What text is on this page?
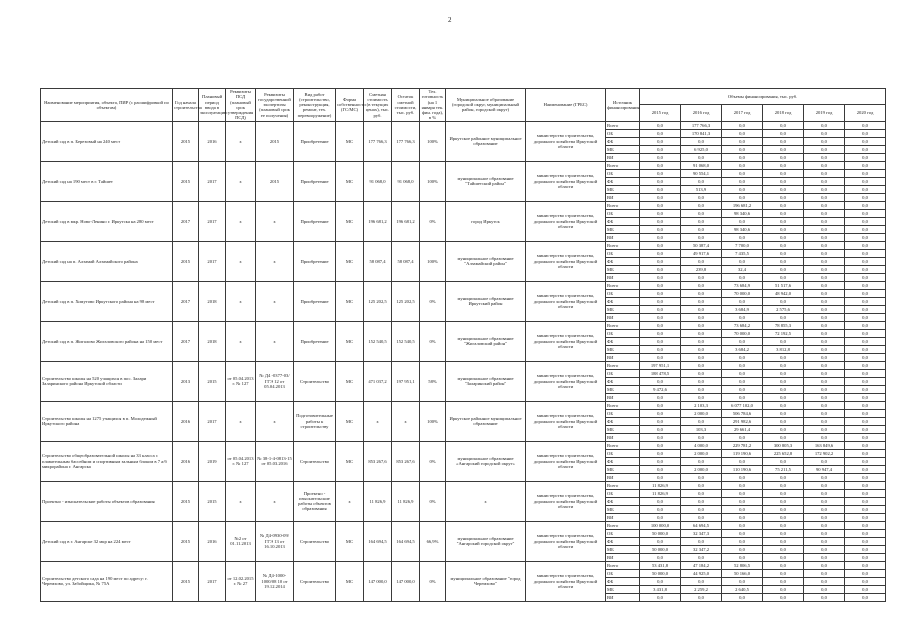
2
Наименование мероприятия, объекта, ПИР (с расшифровкой по объектам)	Год начала строительства	Плановый период ввода в эксплуатацию	Реквизиты ПСД (плановый срок утверждения ПСД)	Реквизиты государственной экспертизы (плановый срок ее получения)	Вид работ (строительство, реконструкция, ремонт, тех. перевооружение)	Форма собственности (ГС/МС)	Сметная стоимость (в текущих ценах), тыс. руб.	Остаток сметной стоимости, тыс. руб.	Тех. готовность (на 1 января тек. фин. года), в %	Муниципальное образование (городской округ, муниципальный район, городской округ)	Наименование (ГРБС)	Источник финансирования	Объемы финансирования, тыс. руб.					
													2015 год	2016 год	2017 год	2018 год	2019 год	2020 год
Детский сад в п. Березовый на 240 мест	2015	2016	х	2015	Приобретение	МС	177 766,3	177 766,3	100%	Иркутское районное муниципальное образование	министерство строительства, дорожного хозяйства Иркутской области	Всего	0,0	177 766,3	0,0	0,0	0,0	0,0
												ОБ	0,0	170 841,3	0,0	0,0	0,0	0,0
												ФБ	0,0	0,0	0,0	0,0	0,0	0,0
												МБ	0,0	6 925,0	0,0	0,0	0,0	0,0
												ВИ	0,0	0,0	0,0	0,0	0,0	0,0
Детский сад на 190 мест в г. Тайшет	2015	2017	х	2015	Приобретение	МС	91 068,0	91 068,0	100%	муниципальное образование "Тайшетский район"	министерство строительства, дорожного хозяйства Иркутской области	Всего	0,0	91 068,0	0,0	0,0	0,0	0,0
												ОБ	0,0	90 554,1	0,0	0,0	0,0	0,0
												ФБ	0,0	0,0	0,0	0,0	0,0	0,0
												МБ	0,0	513,9	0,0	0,0	0,0	0,0
												ВИ	0,0	0,0	0,0	0,0	0,0	0,0
Детский сад в мкр. Ново-Ленино г. Иркутска на 280 мест	2017	2017	х	х	Приобретение	МС	196 681,2	196 681,2	0%	город Иркутск	министерство строительства, дорожного хозяйства Иркутской области	Всего	0,0	0,0	196 681,2	0,0	0,0	0,0
												ОБ	0,0	0,0	98 340,6	0,0	0,0	0,0
												ФБ	0,0	0,0	0,0	0,0	0,0	0,0
												МБ	0,0	0,0	98 340,6	0,0	0,0	0,0
												ВИ	0,0	0,0	0,0	0,0	0,0	0,0
Детский сад на п. Алзамай Алзамайского района	2015	2017	х	х	Приобретение	МС	58 087,4	58 087,4	100%	муниципальное образование "Алзамайский район"	министерство строительства, дорожного хозяйства Иркутской области	Всего	0,0	50 387,4	7 700,0	0,0	0,0	0,0
												ОБ	0,0	49 917,6	7 435,5	0,0	0,0	0,0
												ФБ	0,0	0,0	0,0	0,0	0,0	0,0
												МБ	0,0	239,8	32,4	0,0	0,0	0,0
												ВИ	0,0	0,0	0,0	0,0	0,0	0,0
Детский сад в п. Хомутово Иркутского района на 98 мест	2017	2018	х	х	Приобретение	МС	125 202,5	125 202,5	0%	муниципальное образование Иркутский район	министерство строительства, дорожного хозяйства Иркутской области	Всего	0,0	0,0	73 684,9	51 517,6	0,0	0,0
												ОБ	0,0	0,0	70 000,0	48 942,0	0,0	0,0
												ФБ	0,0	0,0	0,0	0,0	0,0	0,0
												МБ	0,0	0,0	3 684,9	2 575,6	0,0	0,0
												ВИ	0,0	0,0	0,0	0,0	0,0	0,0
Детский сад в п. Жигалово Жигаловского района на 150 мест	2017	2018	х	х	Приобретение	МС	152 540,5	152 540,5	0%	муниципальное образование "Жигаловский район"	министерство строительства, дорожного хозяйства Иркутской области	Всего	0,0	0,0	73 684,2	78 855,3	0,0	0,0
												ОБ	0,0	0,0	70 000,0	72 192,5	0,0	0,0
												ФБ	0,0	0,0	0,0	0,0	0,0	0,0
												МБ	0,0	0,0	3 684,2	3 812,8	0,0	0,0
												ВИ	0,0	0,0	0,0	0,0	0,0	0,0
Строительство школы на 520 учащихся в пос. Залари Заларинского района Иркутской области	2013	2015	от 05.04.2013 г. № 127	№ Д4 -0377-03/ГГЭ 12 от 05.04.2013	Строительство	МС	471 037,2	197 951,1	58%	муниципальное образование "Заларинский район"	министерство строительства, дорожного хозяйства Иркутской области	Всего	197 951,1	0,0	0,0	0,0	0,0	0,0
												ОБ	188 478,5	0,0	0,0	0,0	0,0	0,0
												ФБ	0,0	0,0	0,0	0,0	0,0	0,0
												МБ	9 472,6	0,0	0,0	0,0	0,0	0,0
												ВИ	0,0	0,0	0,0	0,0	0,0	0,0
Строительство школы на 1275 учащихся в п. Молодежный Иркутского района	2016	2017	х	х	Подготовительные работы к строительству	МС	х	х	100%	Иркутское районное муниципальное образование	министерство строительства, дорожного хозяйства Иркутской области	Всего	0,0	2 103,3	6 077 102,0	0,0	0,0	0,0
												ОБ	0,0	2 000,0	506 784,6	0,0	0,0	0,0
												ФБ	0,0	0,0	291 982,6	0,0	0,0	0,0
												МБ	0,0	103,3	29 661,4	0,0	0,0	0,0
												ВИ	0,0	0,0	0,0	0,0	0,0	0,0
Строительство общеобразовательной школы на 33 класса с плавательным бассейном и спортивным зальным блоком в 7 а/б микрорайона г. Ангарска	2016	2019	от 05.04.2013 г. № 127	№ 38-1-4-0813-15 от 05.03.2016	Строительство	МС	853 267,6	853 267,6	0%	муниципальное образование «Ангарский городской округ»	министерство строительства, дорожного хозяйства Иркутской области	Всего	0,0	4 000,0	229 781,2	300 805,3	163 849,6	0,0
												ОБ	0,0	2 000,0	119 190,6	225 652,8	172 902,2	0,0
												ФБ	0,0	0,0	0,0	0,0	0,0	0,0
												МБ	0,0	2 000,0	110 190,6	75 211,5	90 947,4	0,0
												ВИ	0,0	0,0	0,0	0,0	0,0	0,0
Проектно - изыскательские работы объектов образования	2015	2015	х	х	Проектно - изыскательские работы объектов образования	х	11 826,9	11 826,9	0%	х	министерство строительства, дорожного хозяйства Иркутской области	Всего	11 826,9	0,0	0,0	0,0	0,0	0,0
												ОБ	11 826,9	0,0	0,0	0,0	0,0	0,0
												ФБ	0,0	0,0	0,0	0,0	0,0	0,0
												МБ	0,0	0,0	0,0	0,0	0,0	0,0
												ВИ	0,0	0,0	0,0	0,0	0,0	0,0
Детский сад в г. Ангарске 32 мкр на 224 мест	2015	2016	№2 от 01.11.2013	№ Д4-0930-09/ГГЭ 13 от 16.10.2013	Строительство	МС	164 694,5	164 694,5	66,9%	муниципальное образование "Ангарский городской округ"	министерство строительства, дорожного хозяйства Иркутской области	Всего	100 000,0	64 694,5	0,0	0,0	0,0	0,0
												ОБ	50 000,0	32 347,3	0,0	0,0	0,0	0,0
												ФБ	0,0	0,0	0,0	0,0	0,0	0,0
												МБ	50 000,0	32 347,2	0,0	0,0	0,0	0,0
												ВИ	0,0	0,0	0,0	0,0	0,0	0,0
Строительство детского сада на 190 мест по адресу: г. Черемхово, ул. Забойщика, № 75А	2015	2017	от 12.02.2015 г. № 27	№ Д4-1000-1000/08 10 от 19.12.2014	Строительство	МС	147 000,0	147 000,0	0%	муниципальное образование "город Черемхово"	министерство строительства, дорожного хозяйства Иркутской области	Всего	53 431,8	47 184,2	52 806,5	0,0	0,0	0,0
												ОБ	50 000,0	44 925,0	50 166,0	0,0	0,0	0,0
												ФБ	0,0	0,0	0,0	0,0	0,0	0,0
												МБ	3 431,8	2 259,2	2 640,5	0,0	0,0	0,0
												ВИ	0,0	0,0	0,0	0,0	0,0	0,0
